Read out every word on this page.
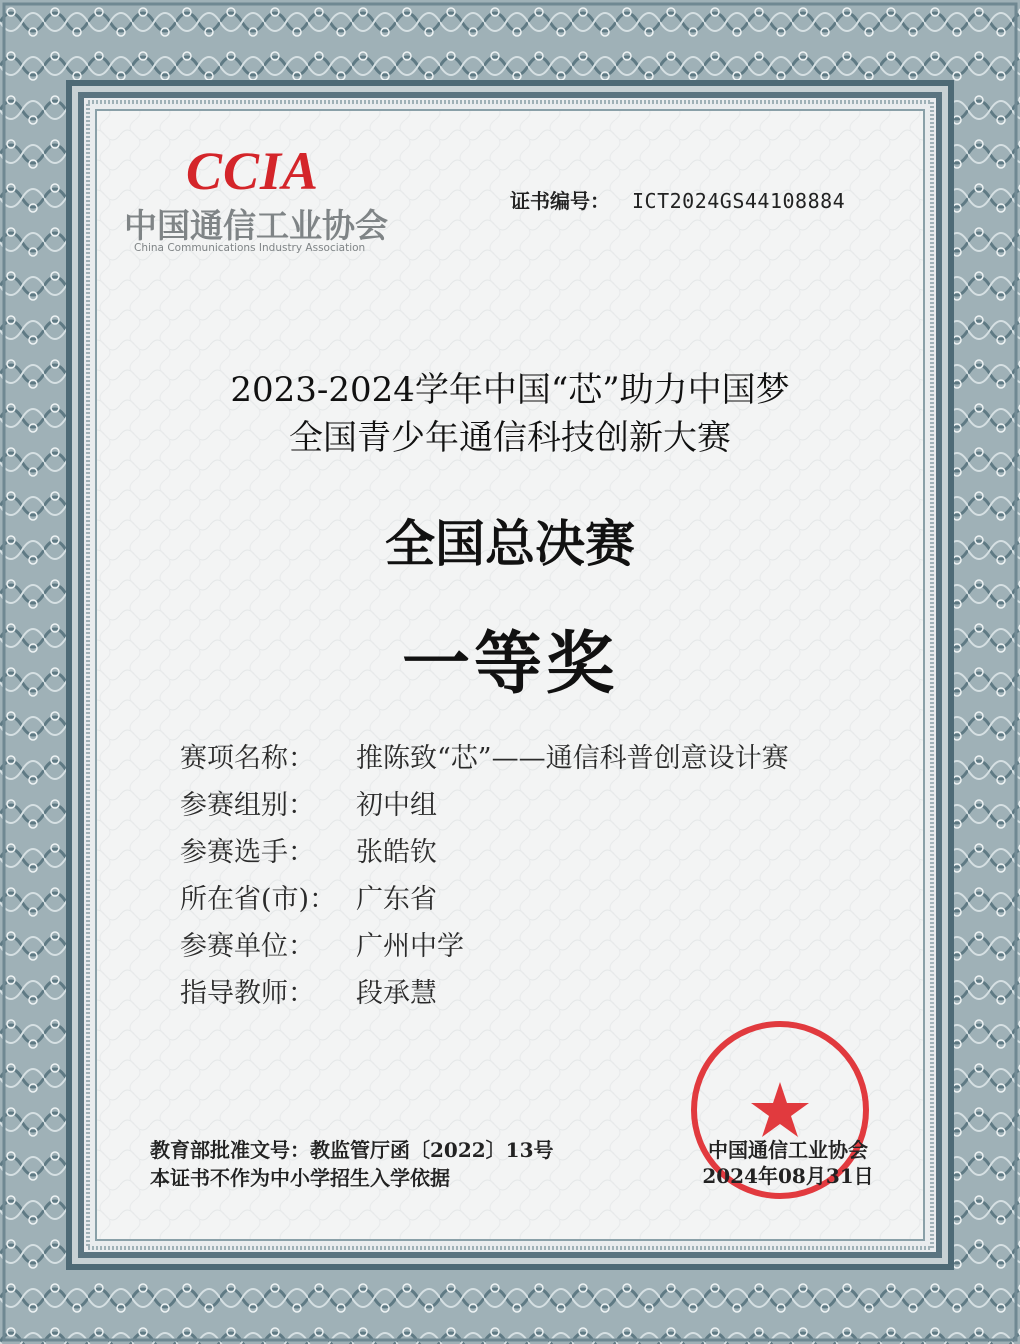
CCIA
中国通信工业协会
China Communications Industry Association
证书编号： ICT2024GS44108884
2023-2024学年中国“芯”助力中国梦
全国青少年通信科技创新大赛
全国总决赛
一等奖
赛项名称： 推陈致“芯”——通信科普创意设计赛
参赛组别： 初中组
参赛选手： 张皓钦
所在省(市)： 广东省
参赛单位： 广州中学
指导教师： 段承慧
教育部批准文号：教监管厅函〔2022〕13号
本证书不作为中小学招生入学依据
中国通信工业协会
2024年08月31日
